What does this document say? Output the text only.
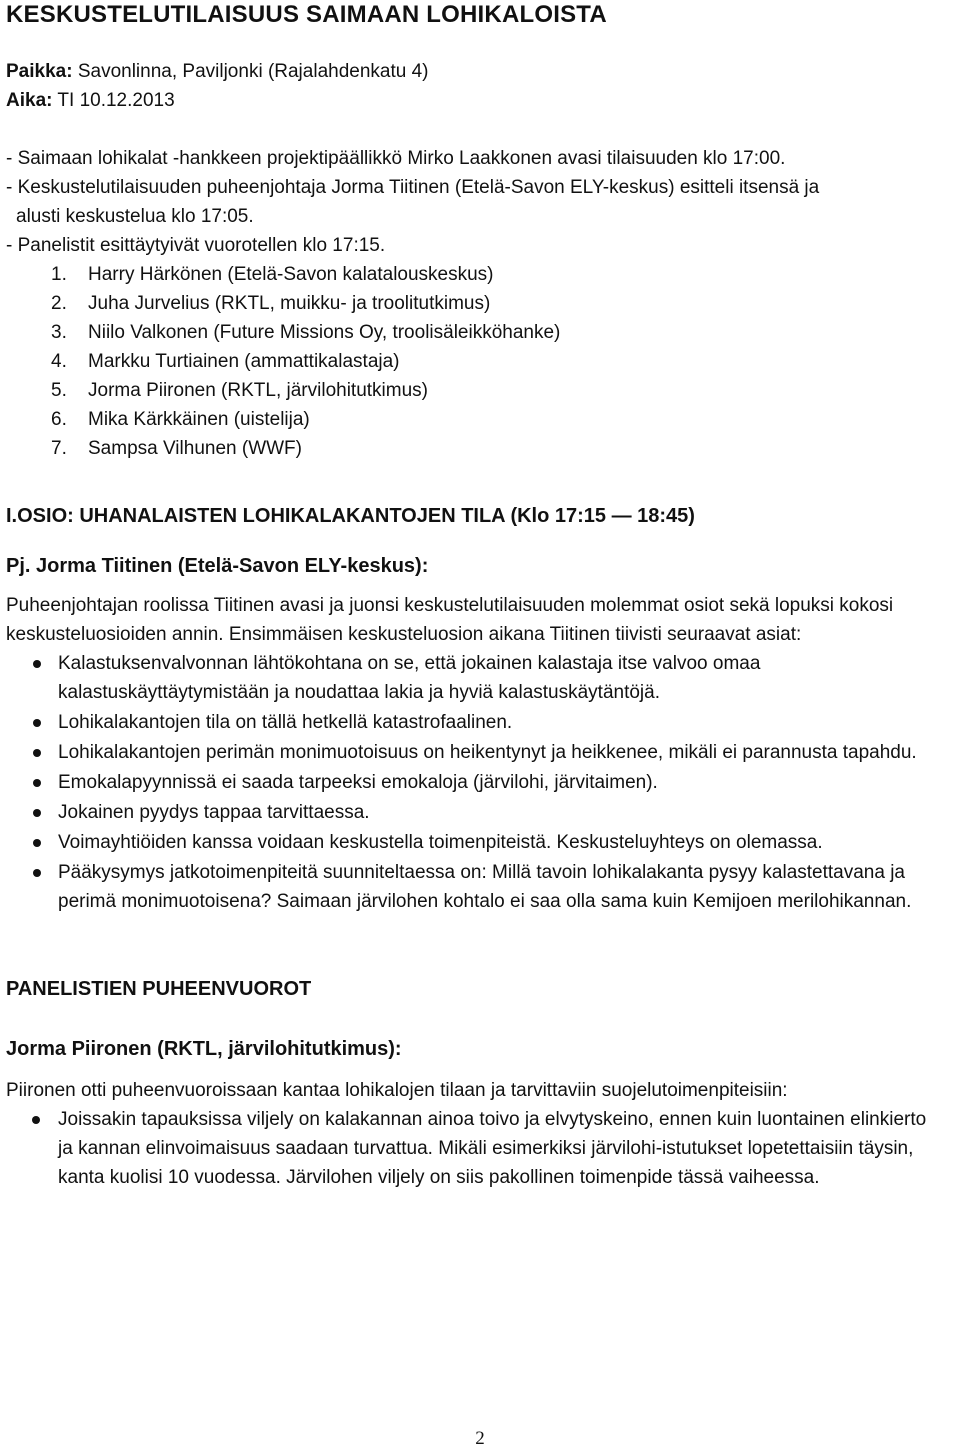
KESKUSTELUTILAISUUS SAIMAAN LOHIKALOISTA
Paikka: Savonlinna, Paviljonki (Rajalahdenkatu 4)
Aika: TI 10.12.2013
- Saimaan lohikalat -hankkeen projektipäällikkö Mirko Laakkonen avasi tilaisuuden klo 17:00.
- Keskustelutilaisuuden puheenjohtaja Jorma Tiitinen (Etelä-Savon ELY-keskus) esitteli itsensä ja
alusti keskustelua klo 17:05.
- Panelistit esittäytyivät vuorotellen klo 17:15.
1. Harry Härkönen (Etelä-Savon kalatalouskeskus)
2. Juha Jurvelius (RKTL, muikku- ja troolitutkimus)
3. Niilo Valkonen (Future Missions Oy, troolisäleikköhanke)
4. Markku Turtiainen (ammattikalastaja)
5. Jorma Piironen (RKTL, järvilohitutkimus)
6. Mika Kärkkäinen (uistelija)
7. Sampsa Vilhunen (WWF)
I.OSIO: UHANALAISTEN LOHIKALAKANTOJEN TILA (Klo 17:15 — 18:45)
Pj. Jorma Tiitinen (Etelä-Savon ELY-keskus):
Puheenjohtajan roolissa Tiitinen avasi ja juonsi keskustelutilaisuuden molemmat osiot sekä lopuksi kokosi keskusteluosioiden annin. Ensimmäisen keskusteluosion aikana Tiitinen tiivisti seuraavat asiat:
Kalastuksenvalvonnan lähtökohtana on se, että jokainen kalastaja itse valvoo omaa kalastuskäyttäytymistään ja noudattaa lakia ja hyviä kalastuskäytäntöjä.
Lohikalakantojen tila on tällä hetkellä katastrofaalinen.
Lohikalakantojen perimän monimuotoisuus on heikentynyt ja heikkenee, mikäli ei parannusta tapahdu.
Emokalapyynnissä ei saada tarpeeksi emokaloja (järvilohi, järvitaimen).
Jokainen pyydys tappaa tarvittaessa.
Voimayhtiöiden kanssa voidaan keskustella toimenpiteistä. Keskusteluyhteys on olemassa.
Pääkysymys jatkotoimenpiteitä suunniteltaessa on: Millä tavoin lohikalakanta pysyy kalastettavana ja perimä monimuotoisena? Saimaan järvilohen kohtalo ei saa olla sama kuin Kemijoen merilohikannan.
PANELISTIEN PUHEENVUOROT
Jorma Piironen (RKTL, järvilohitutkimus):
Piironen otti puheenvuoroissaan kantaa lohikalojen tilaan ja tarvittaviin suojelutoimenpiteisiin:
Joissakin tapauksissa viljely on kalakannan ainoa toivo ja elvytyskeino, ennen kuin luontainen elinkierto ja kannan elinvoimaisuus saadaan turvattua. Mikäli esimerkiksi järvilohi-istutukset lopetettaisiin täysin, kanta kuolisi 10 vuodessa. Järvilohen viljely on siis pakollinen toimenpide tässä vaiheessa.
2
